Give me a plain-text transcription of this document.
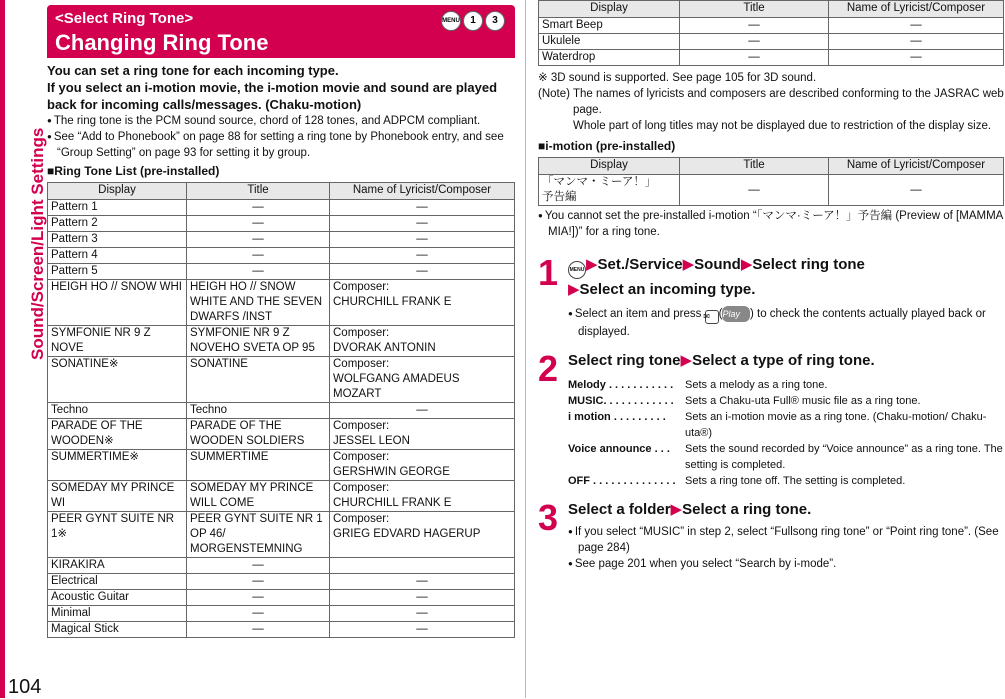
Sound/Screen/Light Settings
104
<Select Ring Tone>
Changing Ring Tone
MENU	1	3
You can set a ring tone for each incoming type.
If you select an i-motion movie, the i-motion movie and sound are played back for incoming calls/messages. (Chaku-motion)
● The ring tone is the PCM sound source, chord of 128 tones, and ADPCM compliant.
● See “Add to Phonebook” on page 88 for setting a ring tone by Phonebook entry, and see “Group Setting” on page 93 for setting it by group.
■ Ring Tone List (pre-installed)
Display	Title	Name of Lyricist/Composer
Pattern 1	—	—
Pattern 2	—	—
Pattern 3	—	—
Pattern 4	—	—
Pattern 5	—	—
HEIGH HO // SNOW WHI	HEIGH HO // SNOW WHITE AND THE SEVEN DWARFS /INST	Composer:
CHURCHILL FRANK E
SYMFONIE NR 9 Z NOVE	SYMFONIE NR 9 Z NOVEHO SVETA OP 95	Composer:
DVORAK ANTONIN
SONATINE※	SONATINE	Composer:
WOLFGANG AMADEUS MOZART
Techno	Techno	—
PARADE OF THE WOODEN※	PARADE OF THE WOODEN SOLDIERS	Composer:
JESSEL LEON
SUMMERTIME※	SUMMERTIME	Composer:
GERSHWIN GEORGE
SOMEDAY MY PRINCE WI	SOMEDAY MY PRINCE WILL COME	Composer:
CHURCHILL FRANK E
PEER GYNT SUITE NR 1※	PEER GYNT SUITE NR 1 OP 46/ MORGENSTEMNING	Composer:
GRIEG EDVARD HAGERUP
KIRAKIRA	—	
Electrical	—	—
Acoustic Guitar	—	—
Minimal	—	—
Magical Stick	—	—
Display	Title	Name of Lyricist/Composer
Smart Beep	—	—
Ukulele	—	—
Waterdrop	—	—
※ 3D sound is supported. See page 105 for 3D sound.
(Note) The names of lyricists and composers are described conforming to the JASRAC web page.
Whole part of long titles may not be displayed due to restriction of the display size.
■ i-motion (pre-installed)
Display	Title	Name of Lyricist/Composer
「マンマ・ミーア！」
予告編	—	—
● You cannot set the pre-installed i-motion “「マンマ·ミーア！」予告編 (Preview of [MAMMA MIA!])” for a ring tone.
1	MENU ▶Set./Service▶Sound▶Select ring tone
▶Select an incoming type.
● Select an item and press ✉ (Play ) to check the contents actually played back or displayed.
2 Select ring tone▶Select a type of ring tone.
Melody . . . . . . . . . . .	Sets a melody as a ring tone.
MUSIC. . . . . . . . . . . .	Sets a Chaku-uta Full® music file as a ring tone.
i motion . . . . . . . . .	Sets an i-motion movie as a ring tone. (Chaku-motion/ Chaku-uta®)
Voice announce . . .	Sets the sound recorded by “Voice announce” as a ring tone. The setting is completed.
OFF . . . . . . . . . . . . . . Sets a ring tone off. The setting is completed.
3 Select a folder▶Select a ring tone.
● If you select “MUSIC” in step 2, select “Fullsong ring tone” or “Point ring tone”. (See page 284)
● See page 201 when you select “Search by i-mode”.
